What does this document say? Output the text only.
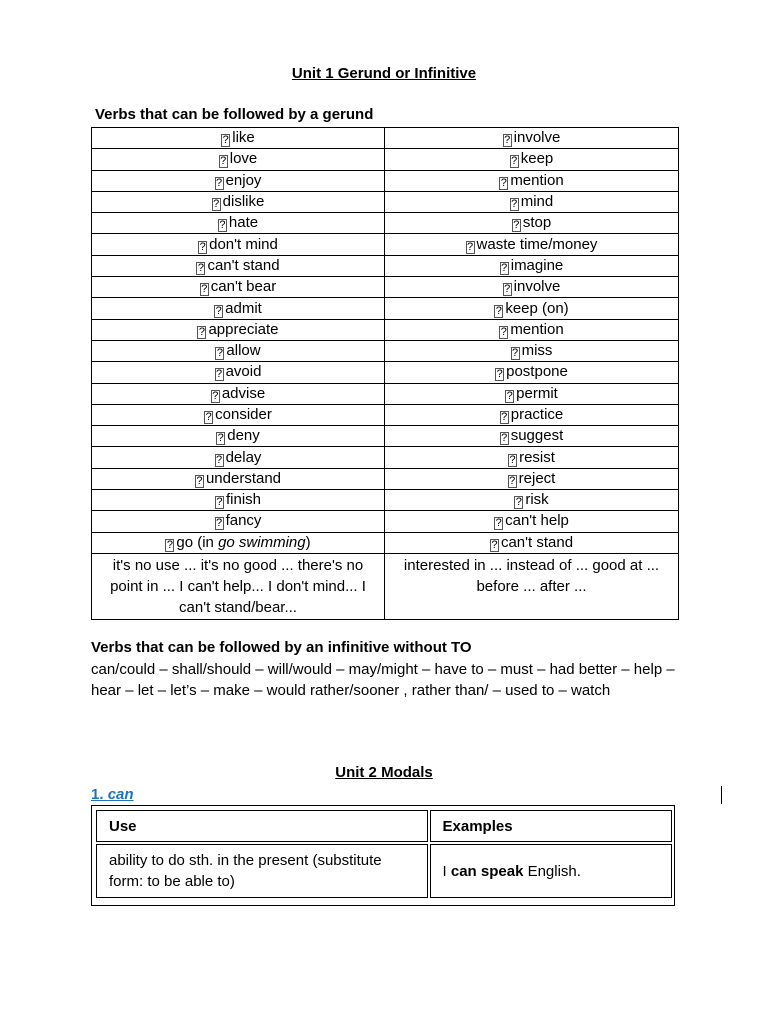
Unit 1 Gerund or Infinitive
Verbs that can be followed by a gerund
? like	? involve
? love	? keep
? enjoy	? mention
? dislike	? mind
? hate	? stop
? don't mind	? waste time/money
? can't stand	? imagine
? can't bear	? involve
? admit	? keep (on)
? appreciate	? mention
? allow	? miss
? avoid	? postpone
? advise	? permit
? consider	? practice
? deny	? suggest
? delay	? resist
? understand	? reject
? finish	? risk
? fancy	? can't help
? go (in go swimming)	? can't stand
it's no use ... it's no good ... there's no point in ... I can't help... I don't mind... I can't stand/bear...	interested in ... instead of ... good at ... before ... after ...
Verbs that can be followed by an infinitive without TO
can/could – shall/should – will/would – may/might – have to – must – had better – help – hear – let – let’s – make – would rather/sooner , rather than/ – used to – watch
Unit 2 Modals
1. can
Use	Examples
ability to do sth. in the present (substitute form: to be able to)	I can speak English.
